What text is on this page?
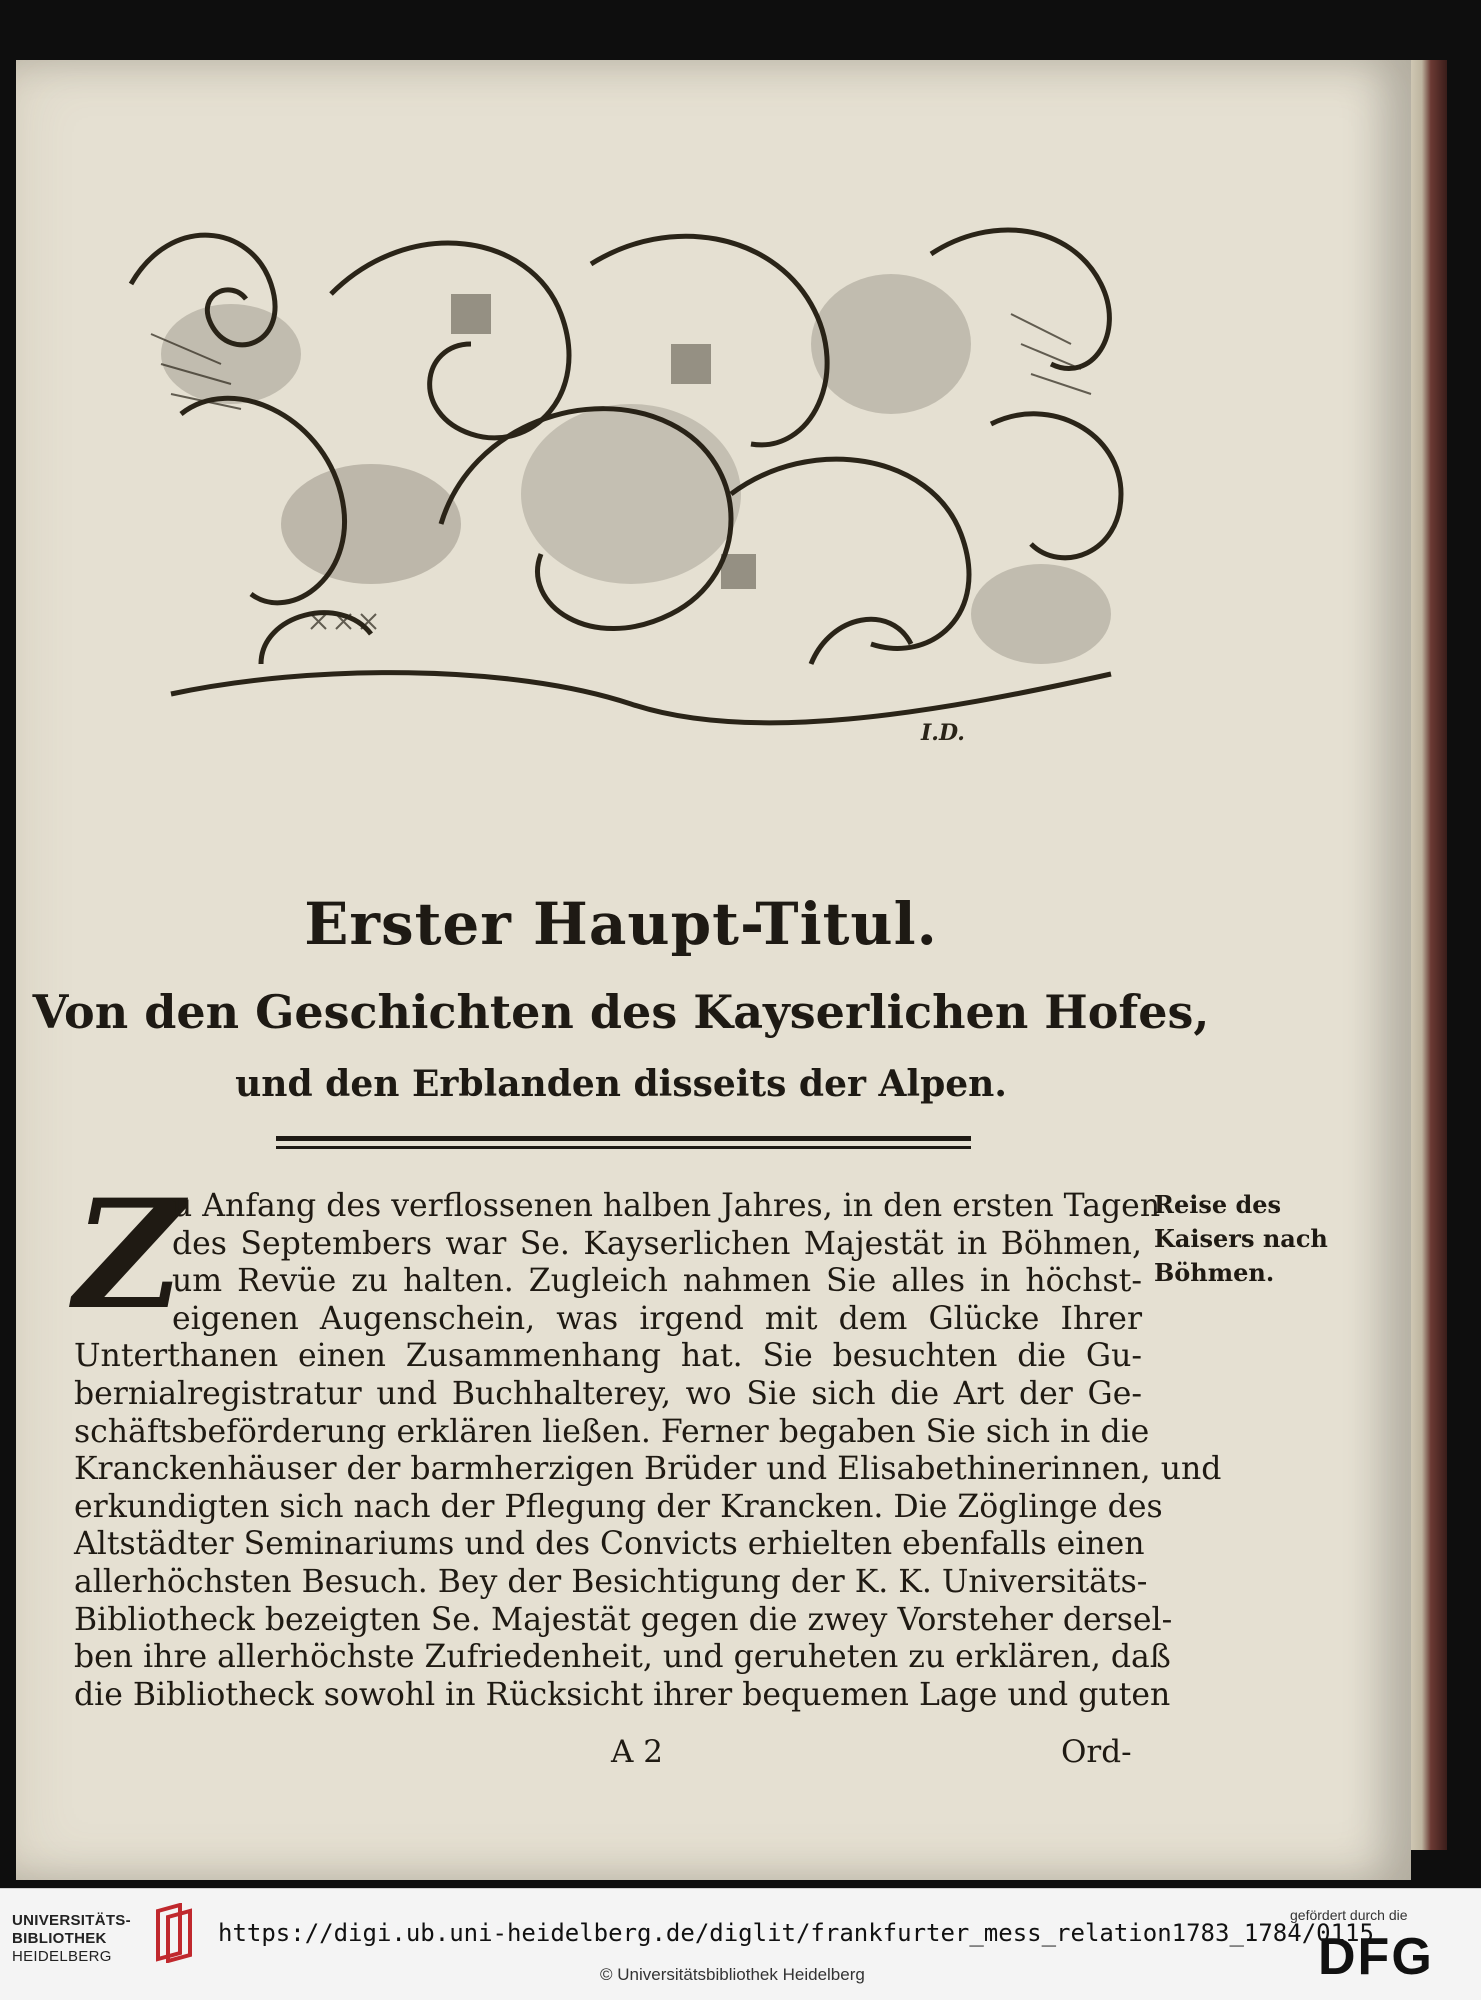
I.D.
Erster Haupt-Titul.
Von den Geschichten des Kayserlichen Hofes,
und den Erblanden disseits der Alpen.
Z
u Anfang des verflossenen halben Jahres, in den ersten Tagen
des Septembers war Se. Kayserlichen Majestät in Böhmen,
um Revüe zu halten. Zugleich nahmen Sie alles in höchst-
eigenen Augenschein, was irgend mit dem Glücke Ihrer
Unterthanen einen Zusammenhang hat. Sie besuchten die Gu-
bernialregistratur und Buchhalterey, wo Sie sich die Art der Ge-
schäftsbeförderung erklären ließen. Ferner begaben Sie sich in die
Kranckenhäuser der barmherzigen Brüder und Elisabethinerinnen, und
erkundigten sich nach der Pflegung der Krancken. Die Zöglinge des
Altstädter Seminariums und des Convicts erhielten ebenfalls einen
allerhöchsten Besuch. Bey der Besichtigung der K. K. Universitäts-
Bibliotheck bezeigten Se. Majestät gegen die zwey Vorsteher dersel-
ben ihre allerhöchste Zufriedenheit, und geruheten zu erklären, daß
die Bibliotheck sowohl in Rücksicht ihrer bequemen Lage und guten
Reise des
Kaisers nach
Böhmen.
A 2	Ord-
UNIVERSITÄTS-
BIBLIOTHEK
HEIDELBERG
https://digi.ub.uni-heidelberg.de/diglit/frankfurter_mess_relation1783_1784/0115
© Universitätsbibliothek Heidelberg
gefördert durch die
DFG
